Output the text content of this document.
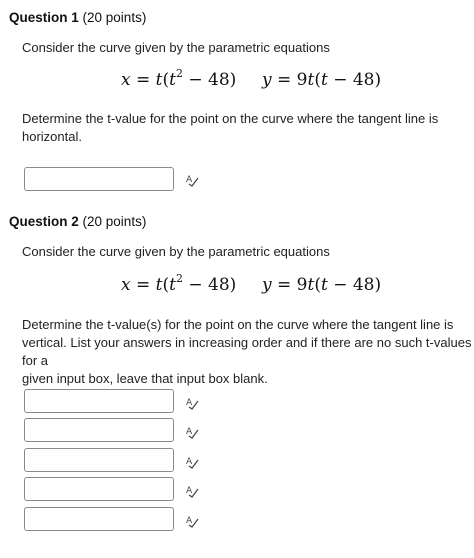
Question 1 (20 points)
Consider the curve given by the parametric equations
$x = t(t^2 - 48) y = 9t(t - 48)$
Determine the t-value for the point on the curve where the tangent line is
horizontal.
A
Question 2 (20 points)
Consider the curve given by the parametric equations
$x = t(t^2 - 48) y = 9t(t - 48)$
Determine the t-value(s) for the point on the curve where the tangent line is
vertical. List your answers in increasing order and if there are no such t-values for a
given input box, leave that input box blank.
A
A
A
A
A
